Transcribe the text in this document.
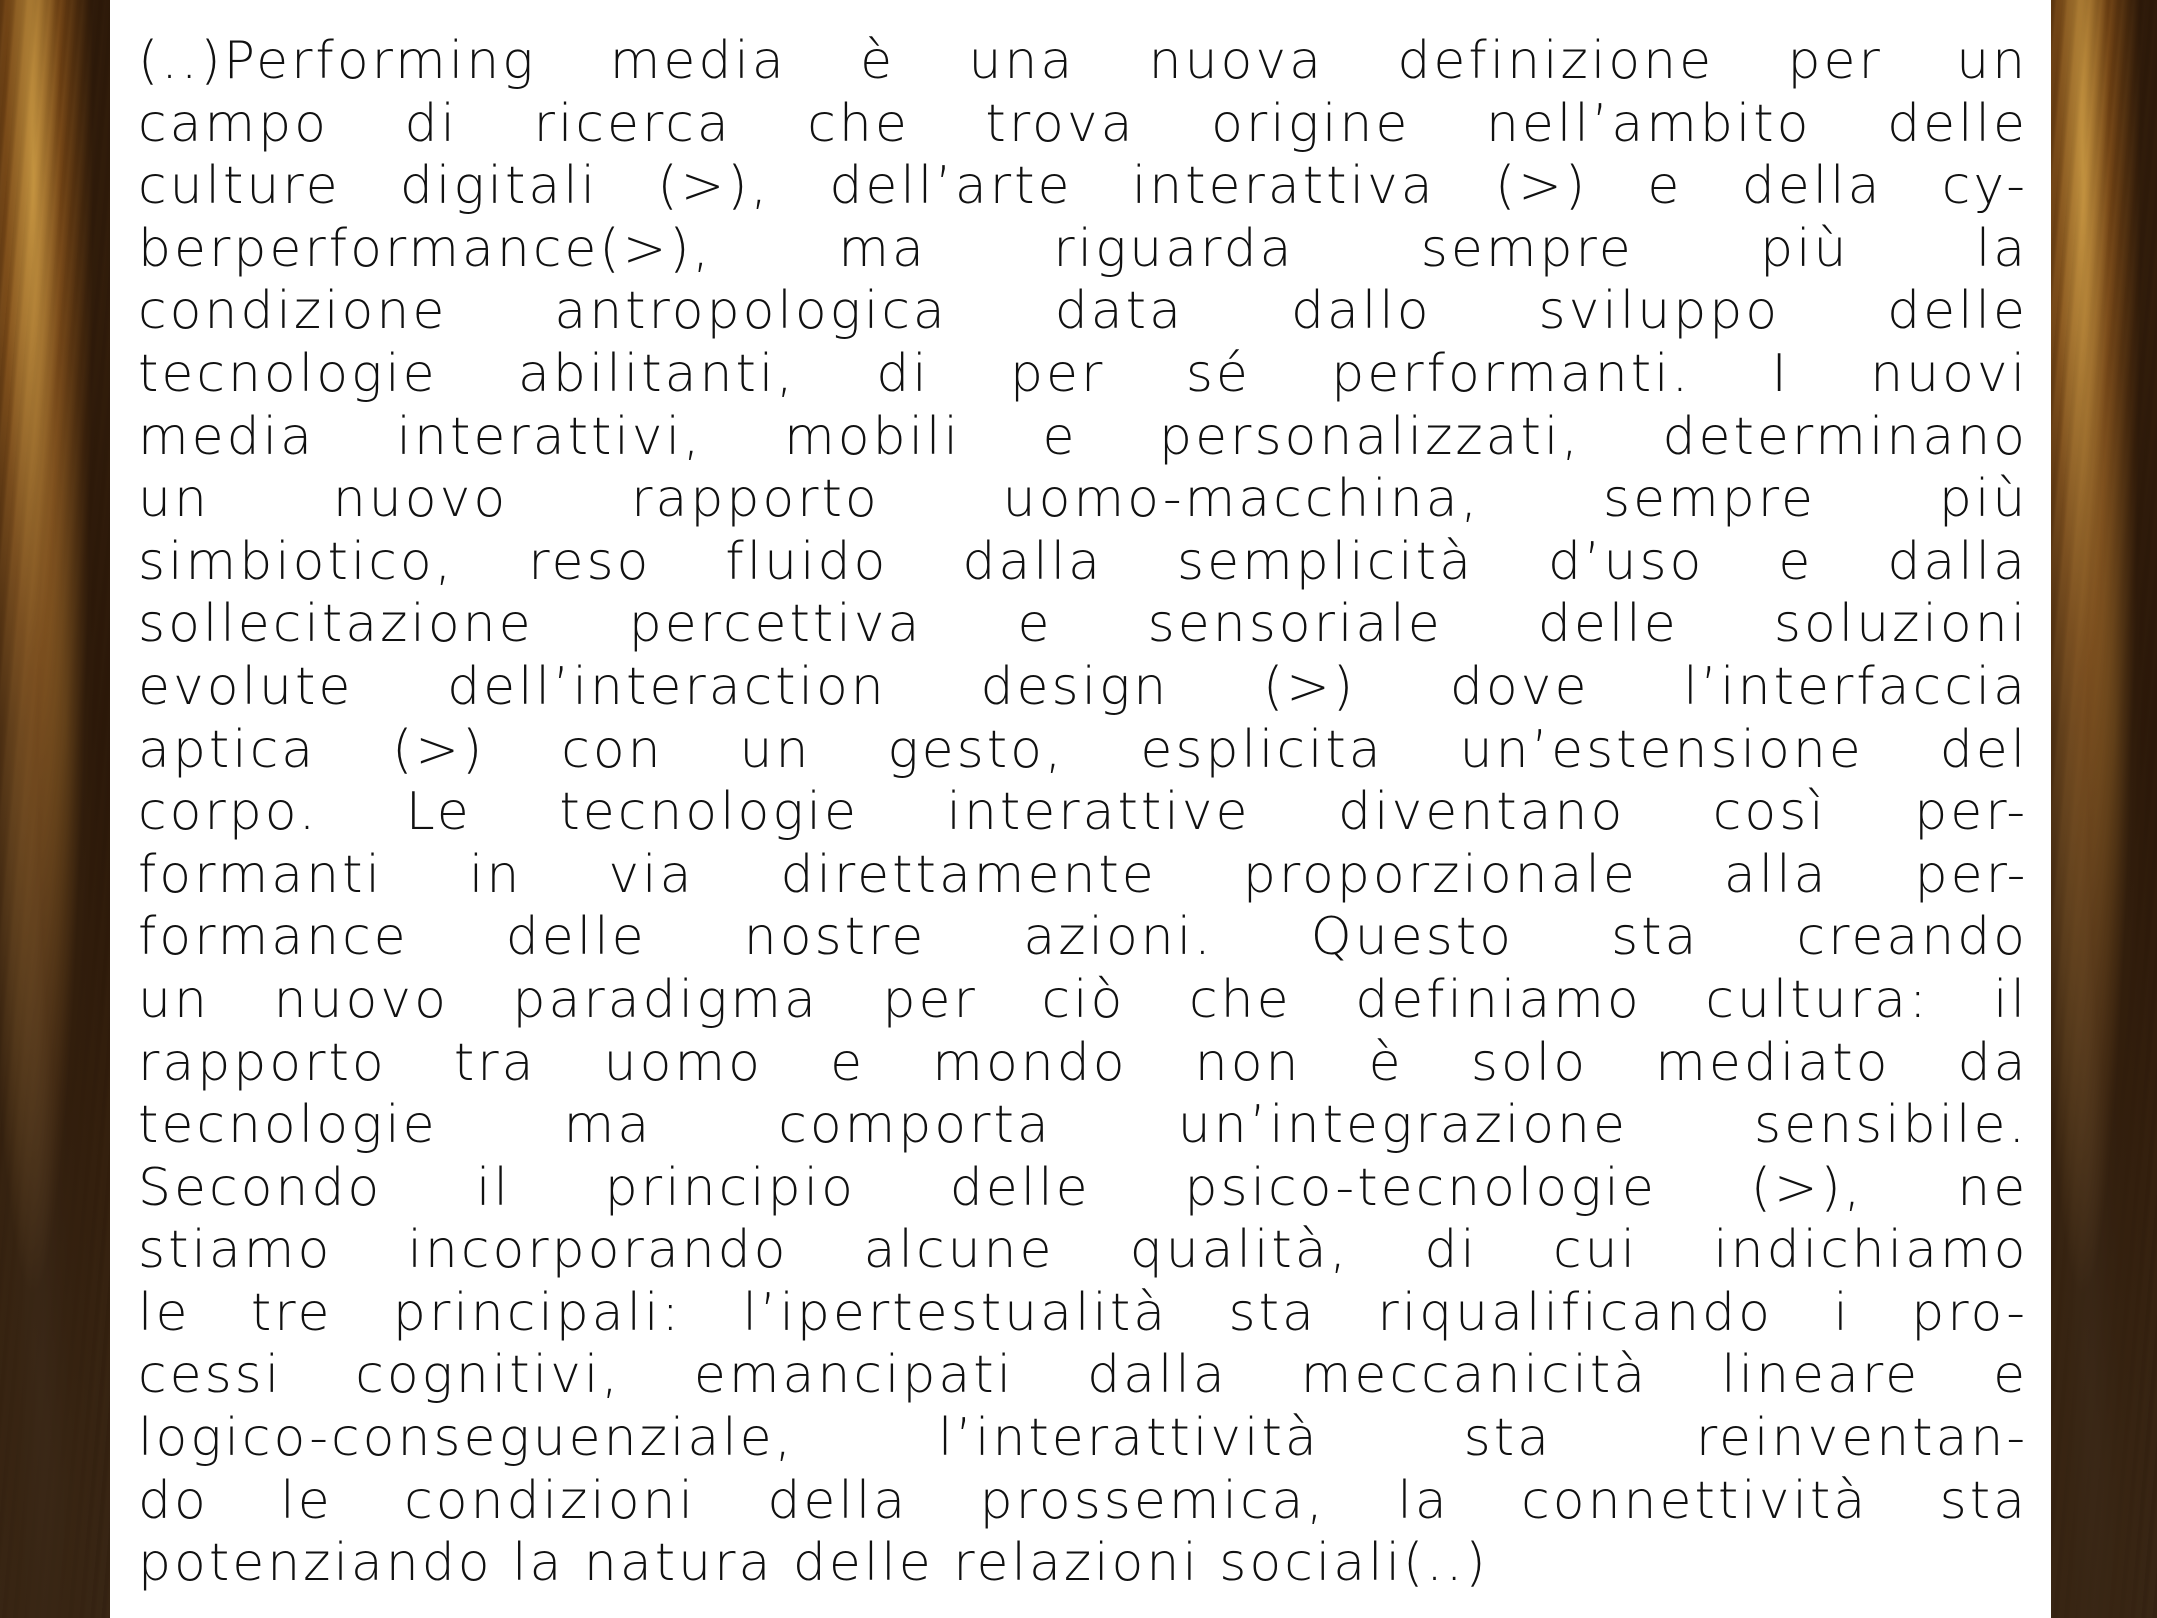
(..)Performing media è una nuova definizione per un
campo di ricerca che trova origine nell’ambito delle
culture digitali (>), dell’arte interattiva (>) e della cy-
berperformance(>), ma riguarda sempre più la
condizione antropologica data dallo sviluppo delle
tecnologie abilitanti, di per sé performanti. I nuovi
media interattivi, mobili e personalizzati, determinano
un nuovo rapporto uomo-macchina, sempre più
simbiotico, reso fluido dalla semplicità d’uso e dalla
sollecitazione percettiva e sensoriale delle soluzioni
evolute dell’interaction design (>) dove l’interfaccia
aptica (>) con un gesto, esplicita un’estensione del
corpo. Le tecnologie interattive diventano così per-
formanti in via direttamente proporzionale alla per-
formance delle nostre azioni. Questo sta creando
un nuovo paradigma per ciò che definiamo cultura: il
rapporto tra uomo e mondo non è solo mediato da
tecnologie ma comporta un’integrazione sensibile.
Secondo il principio delle psico-tecnologie (>), ne
stiamo incorporando alcune qualità, di cui indichiamo
le tre principali: l’ipertestualità sta riqualificando i pro-
cessi cognitivi, emancipati dalla meccanicità lineare e
logico-conseguenziale, l’interattività sta reinventan-
do le condizioni della prossemica, la connettività sta
potenziando la natura delle relazioni sociali(..)
